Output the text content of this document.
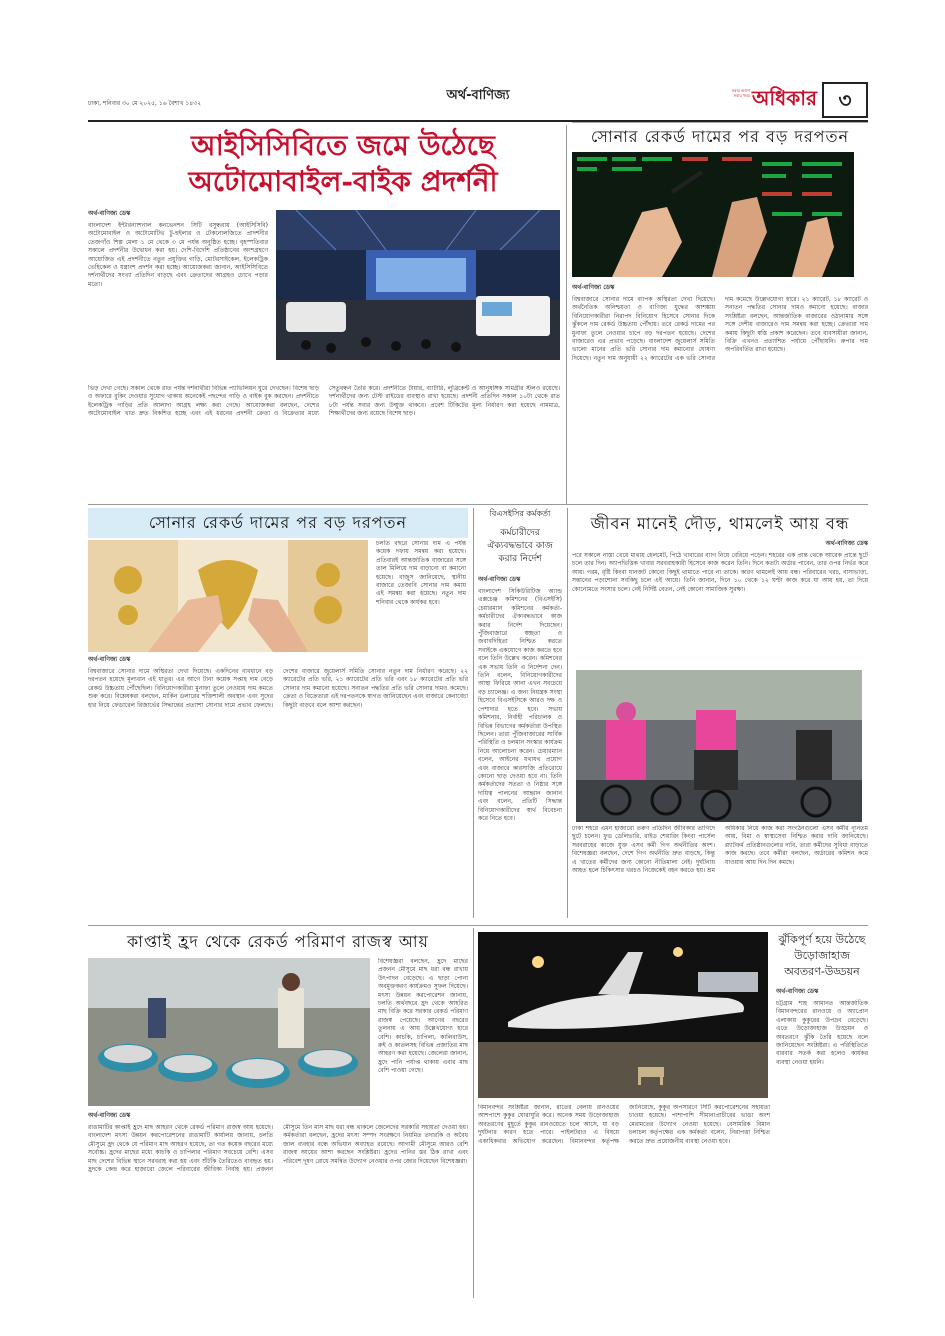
ঢাকা, শনিবার ৩০ মে ২০২৫, ১৬ বৈশাখ ১৪৩২
অর্থ-বাণিজ্য	সবার আগে সবার খবর অধিকার	৩
আইসিসিবিতে জমে উঠেছে
অটোমোবাইল-বাইক প্রদর্শনী
অর্থ-বাণিজ্য ডেস্ক
বাংলাদেশ ইন্টারন্যাশনাল কনভেনশন সিটি বসুন্ধরায় (আইসিসিবি) অটোমোবাইল ও অটোমোটিভ টু-হুইলার ও টেকনোলজিতে প্রাদর্শনীর তেজগাঁও শিল্প মেলা ১ মে থেকে ৩ মে পর্যন্ত অনুষ্ঠিত হচ্ছে। বৃহস্পতিবার সকালে প্রদর্শনীর উদ্বোধন করা হয়। দেশি-বিদেশি প্রতিষ্ঠানের অংশগ্রহণে আয়োজিত এই প্রদর্শনীতে নতুন প্রযুক্তির গাড়ি, মোটরসাইকেল, ইলেকট্রিক ভেহিকেল ও যন্ত্রাংশ প্রদর্শন করা হচ্ছে। আয়োজকরা জানান, আইসিসিবিতে দর্শনার্থীদের সংখ্যা প্রতিদিন বাড়ছে এবং ক্রেতাদের আগ্রহও চোখে পড়ার মতো।
ভিড় দেখা গেছে। সকাল থেকে রাত পর্যন্ত দর্শনার্থীরা বিভিন্ন প্যাভিলিয়ন ঘুরে দেখছেন। বিশেষ ছাড় ও অফারে বুকিং দেওয়ার সুযোগ থাকায় অনেকেই পছন্দের গাড়ি ও বাইক বুক করছেন। প্রদর্শনীতে ইলেকট্রিক গাড়ির প্রতি আলাদা আগ্রহ লক্ষ্য করা গেছে। আয়োজকরা বলছেন, দেশের অটোমোবাইল খাত দ্রুত বিকশিত হচ্ছে এবং এই ধরনের প্রদর্শনী ক্রেতা ও বিক্রেতার মধ্যে সেতুবন্ধন তৈরি করে। প্রদর্শনীতে টায়ার, ব্যাটারি, লুব্রিকেন্ট ও আনুষঙ্গিক সামগ্রীর স্টলও রয়েছে। দর্শনার্থীদের জন্য টেস্ট রাইডের ব্যবস্থাও রাখা হয়েছে। প্রদর্শনী প্রতিদিন সকাল ১০টা থেকে রাত ৮টা পর্যন্ত সবার জন্য উন্মুক্ত থাকবে। প্রবেশ টিকিটের মূল্য নির্ধারণ করা হয়েছে নামমাত্র, শিক্ষার্থীদের জন্য রয়েছে বিশেষ ছাড়।
সোনার রেকর্ড দামের পর বড় দরপতন
অর্থ-বাণিজ্য ডেস্ক
বিশ্ববাজারে সোনার দামে ব্যাপক অস্থিরতা দেখা দিয়েছে। অর্থনৈতিক অনিশ্চয়তা ও বাণিজ্য যুদ্ধের আশঙ্কায় বিনিয়োগকারীরা নিরাপদ বিনিয়োগ হিসেবে সোনার দিকে ঝুঁকলে দাম রেকর্ড উচ্চতায় পৌঁছায়। তবে রেকর্ড দামের পর মুনাফা তুলে নেওয়ার চাপে বড় দরপতন হয়েছে। দেশের বাজারেও এর প্রভাব পড়েছে। বাংলাদেশ জুয়েলার্স সমিতি ভালো মানের প্রতি ভরি সোনার দাম কমানোর ঘোষণা দিয়েছে। নতুন দাম অনুযায়ী ২২ ক্যারেটের এক ভরি সোনার দাম কমেছে উল্লেখযোগ্য হারে। ২১ ক্যারেট, ১৮ ক্যারেট ও সনাতন পদ্ধতির সোনার দামও কমানো হয়েছে। বাজার সংশ্লিষ্টরা বলছেন, আন্তর্জাতিক বাজারের ওঠানামার সঙ্গে সঙ্গে দেশীয় বাজারেও দাম সমন্বয় করা হচ্ছে। ক্রেতারা দাম কমায় কিছুটা স্বস্তি প্রকাশ করেছেন। তবে ব্যবসায়ীরা জানান, বিক্রি এখনও প্রত্যাশিত পর্যায়ে পৌঁছায়নি। রুপার দাম অপরিবর্তিত রাখা হয়েছে।
সোনার রেকর্ড দামের পর বড় দরপতন
চলতি বছরে সোনার দাম এ পর্যন্ত কয়েক দফায় সমন্বয় করা হয়েছে। প্রতিবারই আন্তর্জাতিক বাজারের সঙ্গে তাল মিলিয়ে দাম বাড়ানো বা কমানো হয়েছে। বাজুস জানিয়েছে, স্থানীয় বাজারে তেজাবি সোনার দাম কমায় এই সমন্বয় করা হয়েছে। নতুন দাম শনিবার থেকে কার্যকর হবে।
অর্থ-বাণিজ্য ডেস্ক
বিশ্ববাজারে সোনার দামে অস্থিরতা দেখা দিয়েছে। একদিনের ব্যবধানে বড় দরপতন হয়েছে মূল্যবান এই ধাতুর। এর আগে টানা কয়েক সপ্তাহ দাম বেড়ে রেকর্ড উচ্চতায় পৌঁছেছিল। বিনিয়োগকারীরা মুনাফা তুলে নেওয়ায় দাম কমতে শুরু করে। বিশ্লেষকরা বলছেন, মার্কিন ডলারের শক্তিশালী অবস্থান এবং সুদের হার নিয়ে ফেডারেল রিজার্ভের সিদ্ধান্তের প্রত্যাশা সোনার দামে প্রভাব ফেলছে। দেশের বাজারে জুয়েলার্স সমিতি সোনার নতুন দাম নির্ধারণ করেছে। ২২ ক্যারেটের প্রতি ভরি, ২১ ক্যারেটের প্রতি ভরি এবং ১৮ ক্যারেটের প্রতি ভরি সোনার দাম কমানো হয়েছে। সনাতন পদ্ধতির প্রতি ভরি সোনার দামও কমেছে। ক্রেতা ও বিক্রেতারা এই দরপতনকে স্বাগত জানিয়েছেন এবং বাজারে কেনাবেচা কিছুটা বাড়বে বলে আশা করছেন।
বিএসইসির কর্মকর্তা
কর্মচারীদের ঐক্যবদ্ধভাবে কাজ করার নির্দেশ
অর্থ-বাণিজ্য ডেস্ক
বাংলাদেশ সিকিউরিটিজ অ্যান্ড এক্সচেঞ্জ কমিশনের (বিএসইসি) চেয়ারম্যান কমিশনের কর্মকর্তা-কর্মচারীদের ঐক্যবদ্ধভাবে কাজ করার নির্দেশ দিয়েছেন। পুঁজিবাজারে স্বচ্ছতা ও জবাবদিহিতা নিশ্চিত করতে সবাইকে একযোগে কাজ করতে হবে বলে তিনি উল্লেখ করেন। কমিশনের এক সভায় তিনি এ নির্দেশনা দেন। তিনি বলেন, বিনিয়োগকারীদের আস্থা ফিরিয়ে আনা এখন সবচেয়ে বড় চ্যালেঞ্জ। এ জন্য নিয়ন্ত্রক সংস্থা হিসেবে বিএসইসিকে আরও দক্ষ ও পেশাদার হতে হবে। সভায় কমিশনার, নির্বাহী পরিচালক ও বিভিন্ন বিভাগের কর্মকর্তারা উপস্থিত ছিলেন। তারা পুঁজিবাজারের সার্বিক পরিস্থিতি ও চলমান সংস্কার কার্যক্রম নিয়ে আলোচনা করেন। চেয়ারম্যান বলেন, আইনের যথাযথ প্রয়োগ এবং বাজারে কারসাজি প্রতিরোধে কোনো ছাড় দেওয়া হবে না। তিনি কর্মকর্তাদের সততা ও নিষ্ঠার সঙ্গে দায়িত্ব পালনের আহ্বান জানান এবং বলেন, প্রতিটি সিদ্ধান্ত বিনিয়োগকারীদের স্বার্থ বিবেচনা করে নিতে হবে।
জীবন মানেই দৌড়, থামলেই আয় বন্ধ
অর্থ-বাণিজ্য ডেস্ক
পরে সকালে নাস্তা খেয়ে মাথায় হেলমেট, পিঠে খাবারের ব্যাগ নিয়ে বেরিয়ে পড়েন। শহরের এক প্রান্ত থেকে আরেক প্রান্তে ছুটে চলে তার দিন। অ্যাপভিত্তিক খাবার সরবরাহকারী হিসেবে কাজ করেন তিনি। দিনে কতটা অর্ডার পাবেন, তার ওপর নির্ভর করে আয়। গরম, বৃষ্টি কিংবা যানজট কোনো কিছুই থামাতে পারে না তাকে। কারণ থামলেই আয় বন্ধ। পরিবারের খরচ, বাসাভাড়া, সন্তানের পড়াশোনা সবকিছু চলে এই আয়ে। তিনি জানান, দিনে ১০ থেকে ১২ ঘণ্টা কাজ করে যা আয় হয়, তা দিয়ে কোনোমতে সংসার চলে। নেই নির্দিষ্ট বেতন, নেই কোনো সামাজিক সুরক্ষা।
ঢাকা শহরে এমন হাজারো তরুণ প্রতিদিন জীবিকার তাগিদে ছুটে চলেন। ফুড ডেলিভারি, রাইড শেয়ারিং কিংবা পার্সেল সরবরাহের কাজে যুক্ত এসব কর্মী গিগ অর্থনীতির অংশ। বিশেষজ্ঞরা বলছেন, দেশে গিগ অর্থনীতি দ্রুত বাড়ছে, কিন্তু এ খাতের কর্মীদের জন্য কোনো নীতিমালা নেই। দুর্ঘটনায় আহত হলে চিকিৎসার খরচও নিজেকেই বহন করতে হয়। শ্রম অধিকার নিয়ে কাজ করা সংগঠনগুলো এসব কর্মীর ন্যূনতম আয়, বিমা ও স্বাস্থ্যসেবা নিশ্চিত করার দাবি জানিয়েছে। প্ল্যাটফর্ম প্রতিষ্ঠানগুলোর দাবি, তারা কর্মীদের সুবিধা বাড়াতে কাজ করছে। তবে কর্মীরা বলছেন, অর্ডারের কমিশন কমে যাওয়ায় আয় দিন দিন কমছে।
কাপ্তাই হ্রদ থেকে রেকর্ড পরিমাণ রাজস্ব আয়
বিশেষজ্ঞরা বলছেন, হ্রদে মাছের প্রজনন মৌসুমে মাছ ধরা বন্ধ রাখায় উৎপাদন বেড়েছে। এ ছাড়া পোনা অবমুক্তকরণ কার্যক্রমও সুফল দিয়েছে। মৎস্য উন্নয়ন করপোরেশন জানায়, চলতি অর্থবছরে হ্রদ থেকে আহরিত মাছ বিক্রি করে সরকার রেকর্ড পরিমাণ রাজস্ব পেয়েছে। আগের বছরের তুলনায় এ আয় উল্লেখযোগ্য হারে বেশি। কাচকি, চাপিলা, কালিবাউস, রুই ও কাতলসহ বিভিন্ন প্রজাতির মাছ আহরণ করা হয়েছে। জেলেরা জানান, হ্রদে পানি পর্যাপ্ত থাকায় এবার মাছ বেশি পাওয়া গেছে।
অর্থ-বাণিজ্য ডেস্ক
রাঙামাটির কাপ্তাই হ্রদে মাছ আহরণ থেকে রেকর্ড পরিমাণ রাজস্ব আয় হয়েছে। বাংলাদেশ মৎস্য উন্নয়ন করপোরেশনের রাঙামাটি কার্যালয় জানায়, চলতি মৌসুমে হ্রদ থেকে যে পরিমাণ মাছ আহরণ হয়েছে, তা গত কয়েক বছরের মধ্যে সর্বোচ্চ। হ্রদের মাছের মধ্যে কাচকি ও চাপিলার পরিমাণ সবচেয়ে বেশি। এসব মাছ দেশের বিভিন্ন স্থানে সরবরাহ করা হয় এবং শুঁটকি তৈরিতেও ব্যবহৃত হয়। হ্রদকে কেন্দ্র করে হাজারো জেলে পরিবারের জীবিকা নির্বাহ হয়। প্রজনন মৌসুমে তিন মাস মাছ ধরা বন্ধ থাকলে জেলেদের সরকারি সহায়তা দেওয়া হয়। কর্মকর্তারা বলছেন, হ্রদের মৎস্য সম্পদ সংরক্ষণে নিয়মিত তদারকি ও অবৈধ জাল ব্যবহার বন্ধে অভিযান অব্যাহত রয়েছে। আগামী মৌসুমে আরও বেশি রাজস্ব আয়ের আশা করছেন সংশ্লিষ্টরা। হ্রদের পানির স্তর ঠিক রাখা এবং পরিবেশ দূষণ রোধে সমন্বিত উদ্যোগ নেওয়ার ওপর জোর দিয়েছেন বিশেষজ্ঞরা।
ঝুঁকিপূর্ণ হয়ে উঠেছে উড়োজাহাজ অবতরণ-উড্ডয়ন
অর্থ-বাণিজ্য ডেস্ক
চট্টগ্রাম শাহ আমানত আন্তর্জাতিক বিমানবন্দরের রানওয়ে ও অ্যাপ্রোন এলাকায় কুকুরের উপদ্রব বেড়েছে। এতে উড়োজাহাজ উড্ডয়ন ও অবতরণে ঝুঁকি তৈরি হয়েছে বলে জানিয়েছেন সংশ্লিষ্টরা। এ পরিস্থিতিতে বারবার সতর্ক করা হলেও কার্যকর ব্যবস্থা নেওয়া হয়নি।
বিমানবন্দর সংশ্লিষ্টরা জানান, রাতের বেলায় রানওয়ের আশপাশে কুকুর ঘোরাঘুরি করে। অনেক সময় উড়োজাহাজ অবতরণের মুহূর্তে কুকুর রানওয়েতে চলে আসে, যা বড় দুর্ঘটনার কারণ হতে পারে। পাইলটরাও এ বিষয়ে একাধিকবার অভিযোগ করেছেন। বিমানবন্দর কর্তৃপক্ষ জানিয়েছে, কুকুর অপসারণে সিটি করপোরেশনের সহায়তা চাওয়া হয়েছে। পাশাপাশি সীমানাপ্রাচীরের ভাঙা অংশ মেরামতের উদ্যোগ নেওয়া হয়েছে। বেসামরিক বিমান চলাচল কর্তৃপক্ষের এক কর্মকর্তা বলেন, নিরাপত্তা নিশ্চিত করতে দ্রুত প্রয়োজনীয় ব্যবস্থা নেওয়া হবে।
